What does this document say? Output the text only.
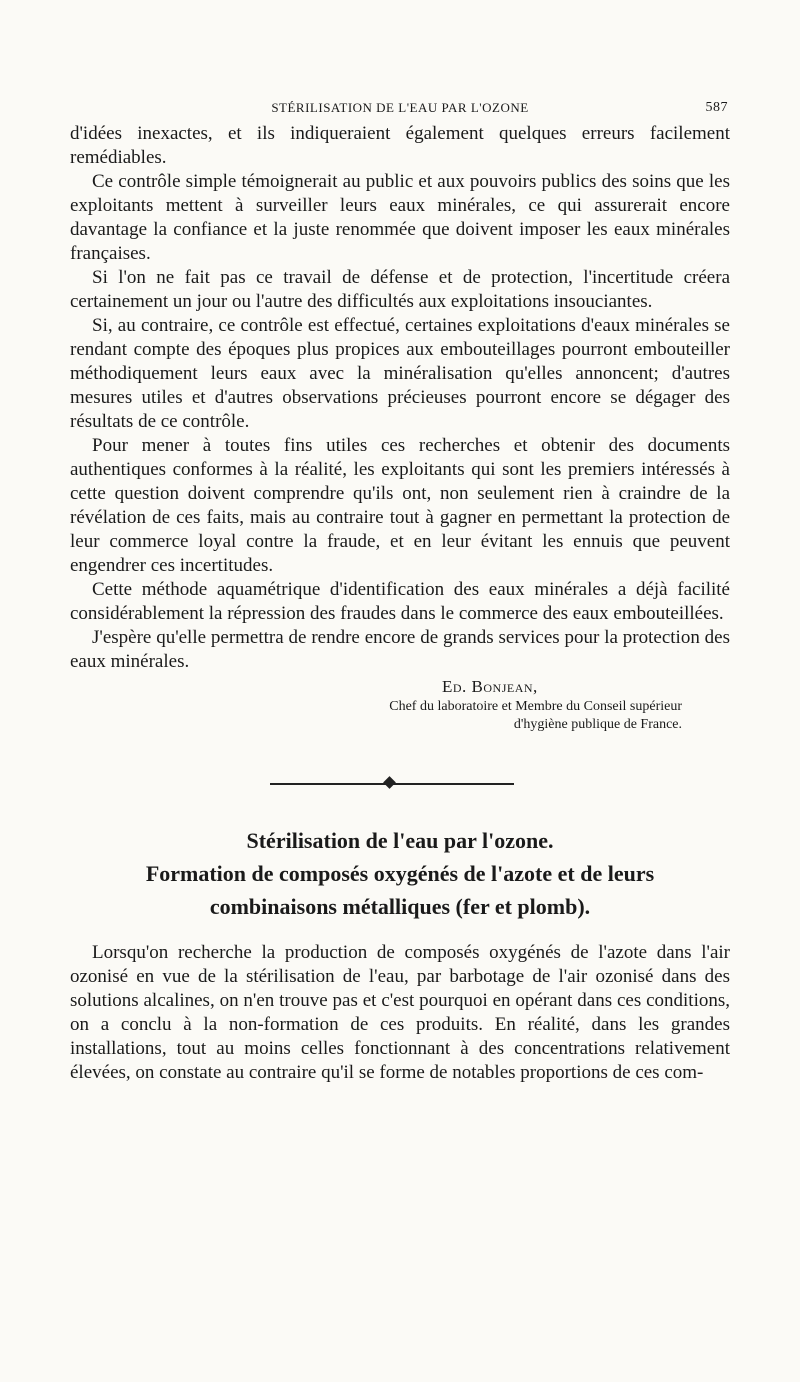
STÉRILISATION DE L'EAU PAR L'OZONE	587

d'idées inexactes, et ils indiqueraient également quelques erreurs facilement remédiables.

Ce contrôle simple témoignerait au public et aux pouvoirs publics des soins que les exploitants mettent à surveiller leurs eaux minérales, ce qui assurerait encore davantage la confiance et la juste renommée que doivent imposer les eaux minérales françaises.

Si l'on ne fait pas ce travail de défense et de protection, l'incertitude créera certainement un jour ou l'autre des difficultés aux exploitations insouciantes.

Si, au contraire, ce contrôle est effectué, certaines exploitations d'eaux minérales se rendant compte des époques plus propices aux embouteillages pourront embouteiller méthodiquement leurs eaux avec la minéralisation qu'elles annoncent; d'autres mesures utiles et d'autres observations précieuses pourront encore se dégager des résultats de ce contrôle.

Pour mener à toutes fins utiles ces recherches et obtenir des documents authentiques conformes à la réalité, les exploitants qui sont les premiers intéressés à cette question doivent comprendre qu'ils ont, non seulement rien à craindre de la révélation de ces faits, mais au contraire tout à gagner en permettant la protection de leur commerce loyal contre la fraude, et en leur évitant les ennuis que peuvent engendrer ces incertitudes.

Cette méthode aquamétrique d'identification des eaux minérales a déjà facilité considérablement la répression des fraudes dans le commerce des eaux embouteillées.

J'espère qu'elle permettra de rendre encore de grands services pour la protection des eaux minérales.

Ed. Bonjean,
Chef du laboratoire et Membre du Conseil supérieur
d'hygiène publique de France.
Stérilisation de l'eau par l'ozone.
Formation de composés oxygénés de l'azote et de leurs
combinaisons métalliques (fer et plomb).

Lorsqu'on recherche la production de composés oxygénés de l'azote dans l'air ozonisé en vue de la stérilisation de l'eau, par barbotage de l'air ozonisé dans des solutions alcalines, on n'en trouve pas et c'est pourquoi en opérant dans ces conditions, on a conclu à la non-formation de ces produits. En réalité, dans les grandes installations, tout au moins celles fonctionnant à des concentrations relativement élevées, on constate au contraire qu'il se forme de notables proportions de ces com-
